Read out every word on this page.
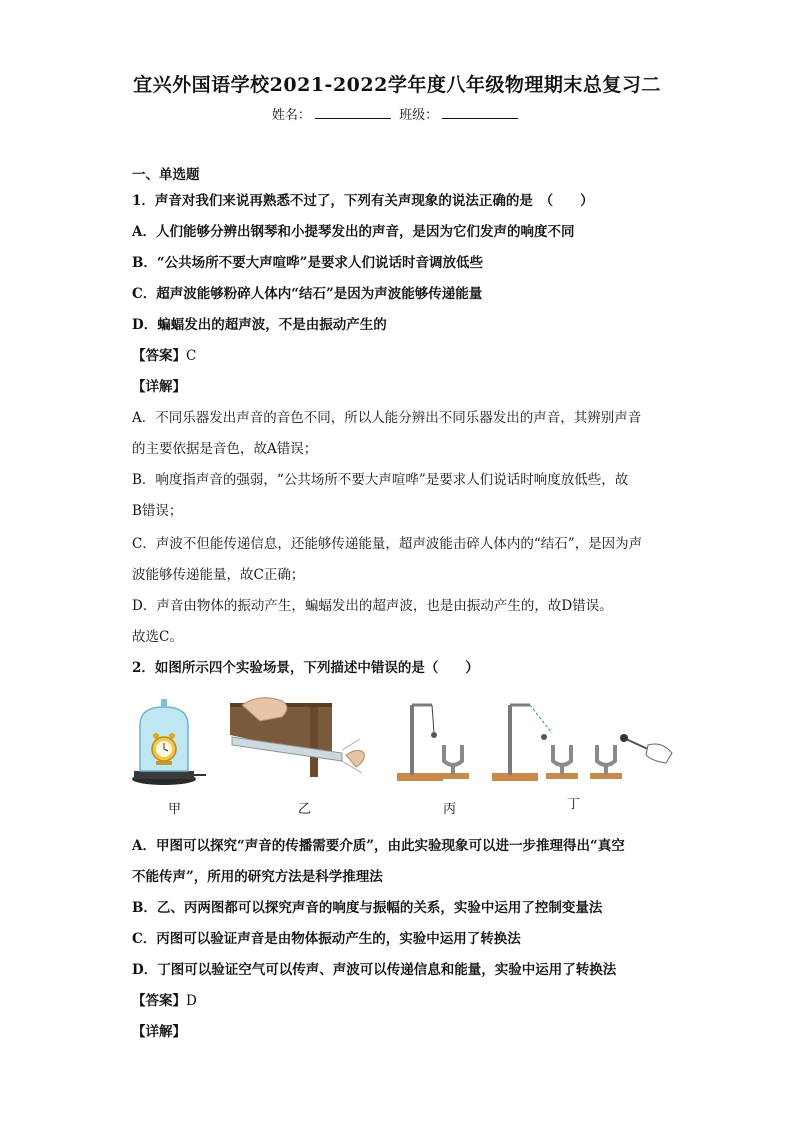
宜兴外国语学校2021-2022学年度八年级物理期末总复习二
姓名：	班级：
一、单选题
1．声音对我们来说再熟悉不过了，下列有关声现象的说法正确的是　（　　）
A．人们能够分辨出钢琴和小提琴发出的声音，是因为它们发声的响度不同
B．“公共场所不要大声喧哗”是要求人们说话时音调放低些
C．超声波能够粉碎人体内“结石”是因为声波能够传递能量
D．蝙蝠发出的超声波，不是由振动产生的
【答案】C
【详解】
A．不同乐器发出声音的音色不同，所以人能分辨出不同乐器发出的声音，其辨别声音
的主要依据是音色，故A错误；
B．响度指声音的强弱，“公共场所不要大声喧哗”是要求人们说话时响度放低些，故
B错误；
C．声波不但能传递信息，还能够传递能量，超声波能击碎人体内的“结石”，是因为声
波能够传递能量，故C正确；
D．声音由物体的振动产生，蝙蝠发出的超声波，也是由振动产生的，故D错误。
故选C。
2．如图所示四个实验场景，下列描述中错误的是（　　）
甲	乙	丙	丁
A．甲图可以探究“声音的传播需要介质”，由此实验现象可以进一步推理得出“真空
不能传声”，所用的研究方法是科学推理法
B．乙、丙两图都可以探究声音的响度与振幅的关系，实验中运用了控制变量法
C．丙图可以验证声音是由物体振动产生的，实验中运用了转换法
D．丁图可以验证空气可以传声、声波可以传递信息和能量，实验中运用了转换法
【答案】D
【详解】
